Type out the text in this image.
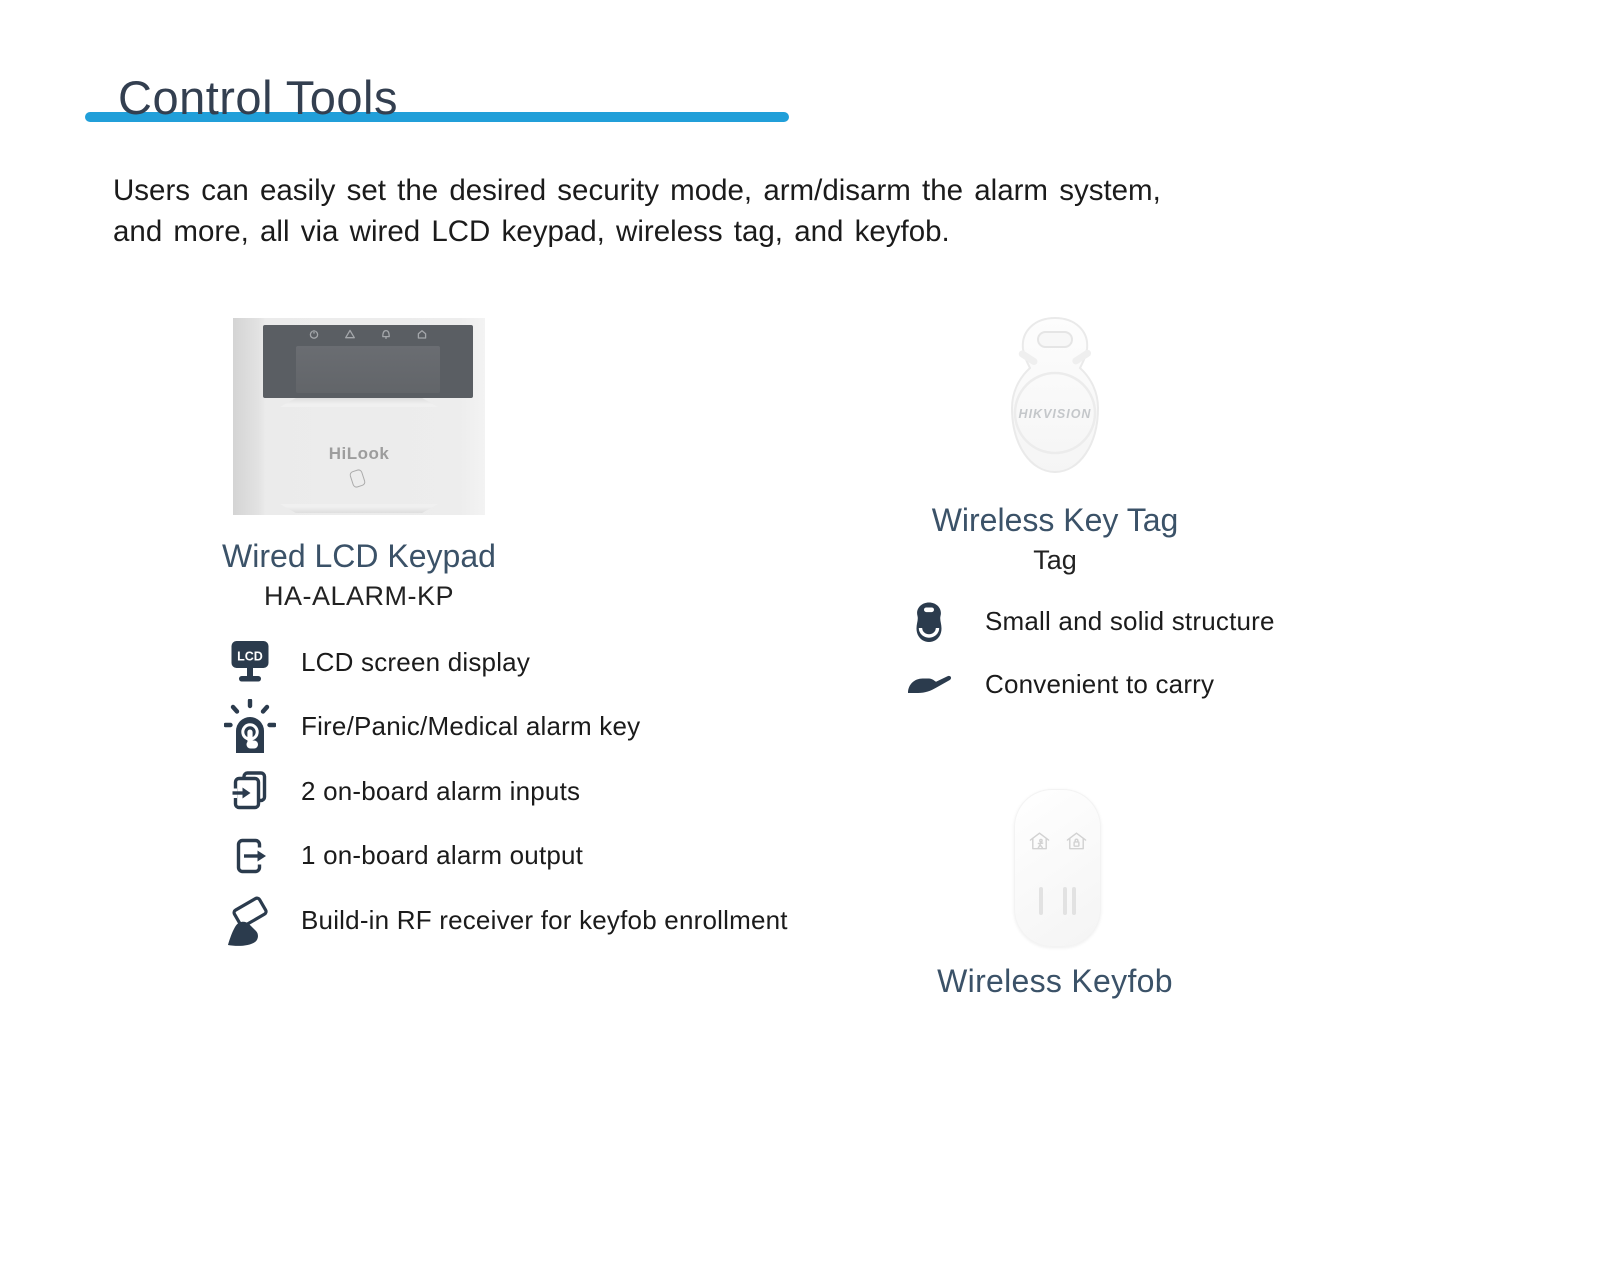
Control Tools
Users can easily set the desired security mode, arm/disarm the alarm system,
and more, all via wired LCD keypad, wireless tag, and keyfob.
HiLook
Wired LCD Keypad
HA-ALARM-KP
LCD LCD screen display
Fire/Panic/Medical alarm key
2 on-board alarm inputs
1 on-board alarm output
Build-in RF receiver for keyfob enrollment
HIKVISION
Wireless Key Tag
Tag
Small and solid structure
Convenient to carry
Wireless Keyfob
